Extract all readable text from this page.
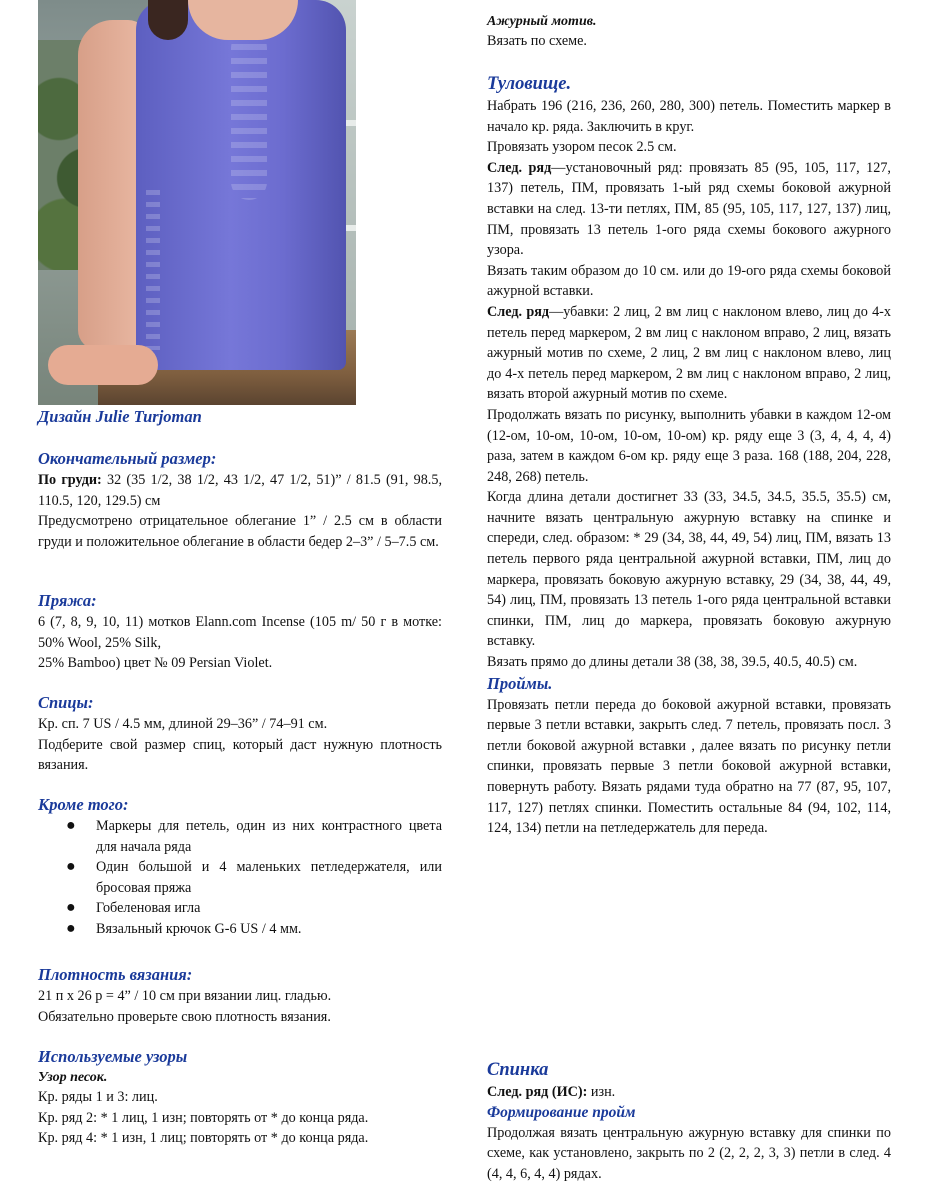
Дизайн Julie Turjoman
Окончательный размер:

По груди: 32 (35 1/2, 38 1/2, 43 1/2, 47 1/2, 51)” / 81.5 (91, 98.5, 110.5, 120, 129.5) см

Предусмотрено отрицательное облегание 1” / 2.5 см в области груди и положительное облегание в области бедер 2–3” / 5–7.5 см.

Пряжа:

6 (7, 8, 9, 10, 11) мотков Elann.com Incense (105 m/ 50 г в мотке: 50% Wool, 25% Silk,

25% Bamboo) цвет № 09 Persian Violet.

Спицы:

Кр. сп. 7 US / 4.5 мм, длиной 29–36” / 74–91 см.

Подберите свой размер спиц, который даст нужную плотность вязания.

Кроме того:
● Маркеры для петель, один из них контрастного цвета для начала ряда
● Один большой и 4 маленьких петледержателя, или бросовая пряжа
● Гобеленовая игла
● Вязальный крючок G-6 US / 4 мм.
Плотность вязания:

21 п х 26 р = 4” / 10 см при вязании лиц. гладью.

Обязательно проверьте свою плотность вязания.

Используемые узоры
Узор песок.

Кр. ряды 1 и 3: лиц.

Кр. ряд 2: * 1 лиц, 1 изн; повторять от * до конца ряда.

Кр. ряд 4: * 1 изн, 1 лиц; повторять от * до конца ряда.

Ажурный мотив.

Вязать по схеме.

Туловище.

Набрать 196 (216, 236, 260, 280, 300) петель. Поместить маркер в начало кр. ряда. Заключить в круг.

Провязать узором песок 2.5 см.

След. ряд—установочный ряд: провязать 85 (95, 105, 117, 127, 137) петель, ПМ, провязать 1-ый ряд схемы боковой ажурной вставки на след. 13-ти петлях, ПМ, 85 (95, 105, 117, 127, 137) лиц, ПМ, провязать 13 петель 1-ого ряда схемы бокового ажурного узора.

Вязать таким образом до 10 см. или до 19-ого ряда схемы боковой ажурной вставки.

След. ряд—убавки: 2 лиц, 2 вм лиц с наклоном влево, лиц до 4-х петель перед маркером, 2 вм лиц с наклоном вправо, 2 лиц, вязать ажурный мотив по схеме, 2 лиц, 2 вм лиц с наклоном влево, лиц до 4-х петель перед маркером, 2 вм лиц с наклоном вправо, 2 лиц, вязать второй ажурный мотив по схеме.

Продолжать вязать по рисунку, выполнить убавки в каждом 12-ом (12-ом, 10-ом, 10-ом, 10-ом, 10-ом) кр. ряду еще 3 (3, 4, 4, 4, 4) раза, затем в каждом 6-ом кр. ряду еще 3 раза. 168 (188, 204, 228, 248, 268) петель.

Когда длина детали достигнет 33 (33, 34.5, 34.5, 35.5, 35.5) см, начните вязать центральную ажурную вставку на спинке и спереди, след. образом: * 29 (34, 38, 44, 49, 54) лиц, ПМ, вязать 13 петель первого ряда центральной ажурной вставки, ПМ, лиц до маркера, провязать боковую ажурную вставку, 29 (34, 38, 44, 49, 54) лиц, ПМ, провязать 13 петель 1-ого ряда центральной вставки спинки, ПМ, лиц до маркера, провязать боковую ажурную вставку.

Вязать прямо до длины детали 38 (38, 38, 39.5, 40.5, 40.5) см.

Проймы.

Провязать петли переда до боковой ажурной вставки, провязать первые 3 петли вставки, закрыть след. 7 петель, провязать посл. 3 петли боковой ажурной вставки , далее вязать по рисунку петли спинки, провязать первые 3 петли боковой ажурной вставки, повернуть работу. Вязать рядами туда обратно на 77 (87, 95, 107, 117, 127) петлях спинки. Поместить остальные 84 (94, 102, 114, 124, 134) петли на петледержатель для переда.

Спинка

След. ряд (ИС): изн.

Формирование пройм

Продолжая вязать центральную ажурную вставку для спинки по схеме, как установлено, закрыть по 2 (2, 2, 2, 3, 3) петли в след. 4 (4, 4, 6, 4, 4) рядах.
